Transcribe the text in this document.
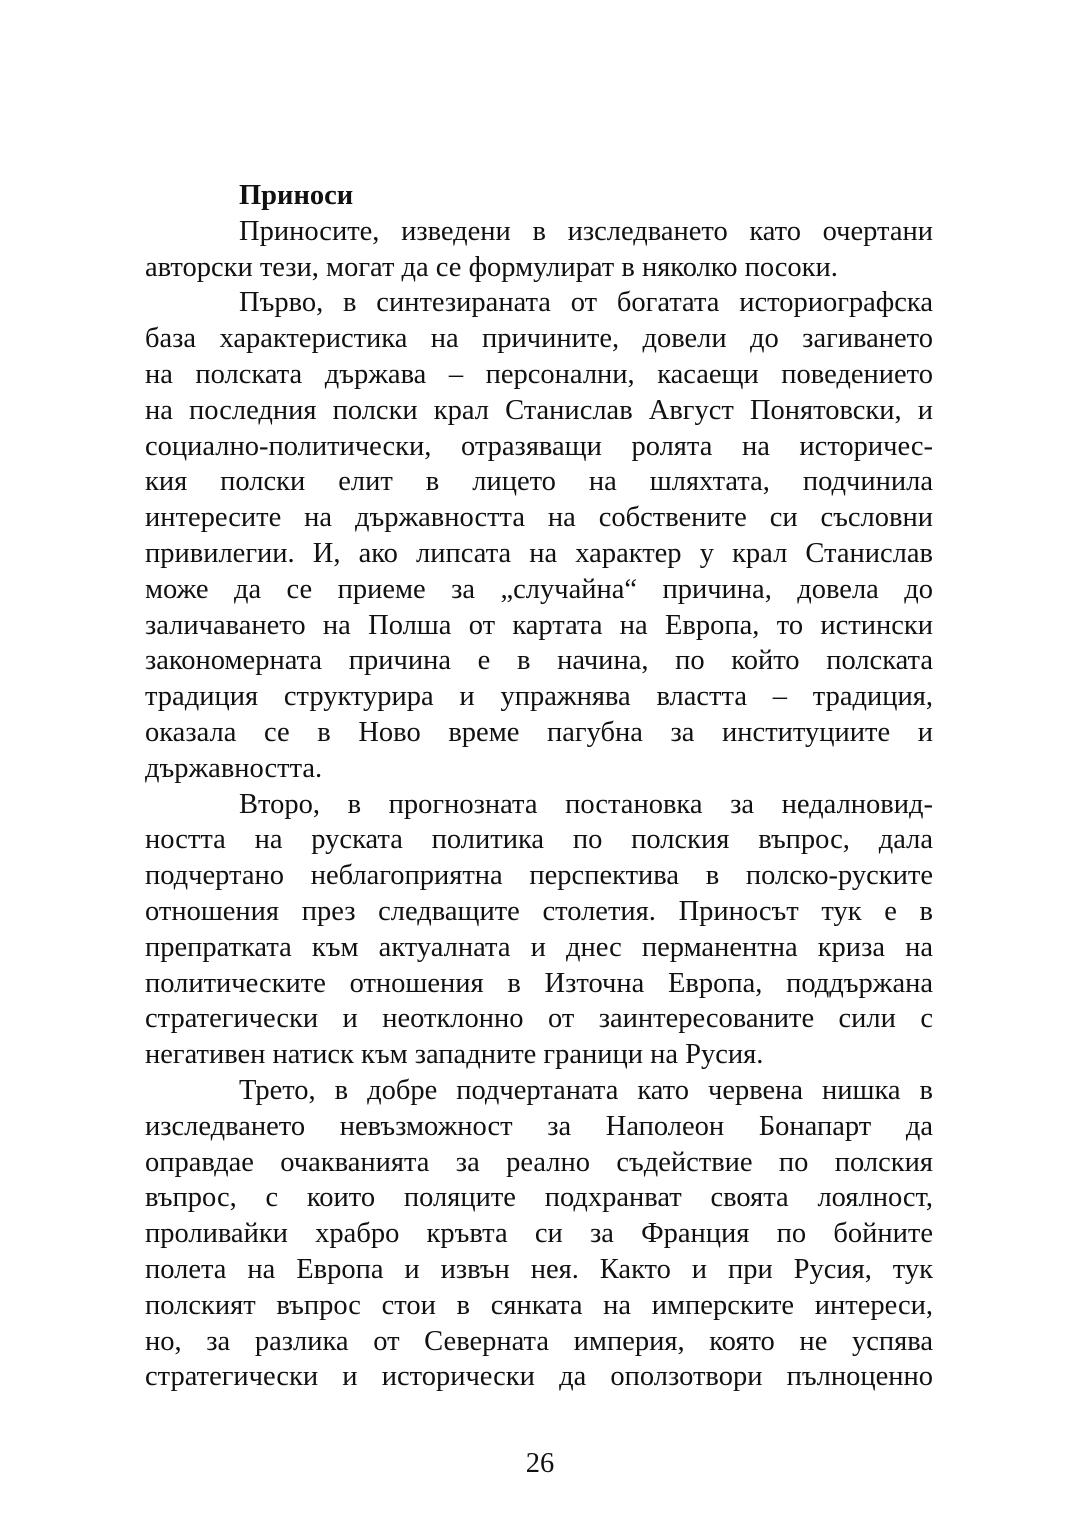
Приноси

Приносите, изведени в изследването като очертани
авторски тези, могат да се формулират в няколко посоки.
Първо, в синтезираната от богатата историографска
база характеристика на причините, довели до загиването
на полската държава – персонални, касаещи поведението
на последния полски крал Станислав Август Понятовски, и
социално-политически, отразяващи ролята на историчес-
кия полски елит в лицето на шляхтата, подчинила
интересите на държавността на собствените си съсловни
привилегии. И, ако липсата на характер у крал Станислав
може да се приеме за „случайна“ причина, довела до
заличаването на Полша от картата на Европа, то истински
закономерната причина е в начина, по който полската
традиция структурира и упражнява властта – традиция,
оказала се в Ново време пагубна за институциите и
държавността.
Второ, в прогнозната постановка за недалновид-
ността на руската политика по полския въпрос, дала
подчертано неблагоприятна перспектива в полско-руските
отношения през следващите столетия. Приносът тук е в
препратката към актуалната и днес перманентна криза на
политическите отношения в Източна Европа, поддържана
стратегически и неотклонно от заинтересованите сили с
негативен натиск към западните граници на Русия.
Трето, в добре подчертаната като червена нишка в
изследването невъзможност за Наполеон Бонапарт да
оправдае очакванията за реално съдействие по полския
въпрос, с които поляците подхранват своята лоялност,
проливайки храбро кръвта си за Франция по бойните
полета на Европа и извън нея. Както и при Русия, тук
полският въпрос стои в сянката на имперските интереси,
но, за разлика от Северната империя, която не успява
стратегически и исторически да оползотвори пълноценно
26
